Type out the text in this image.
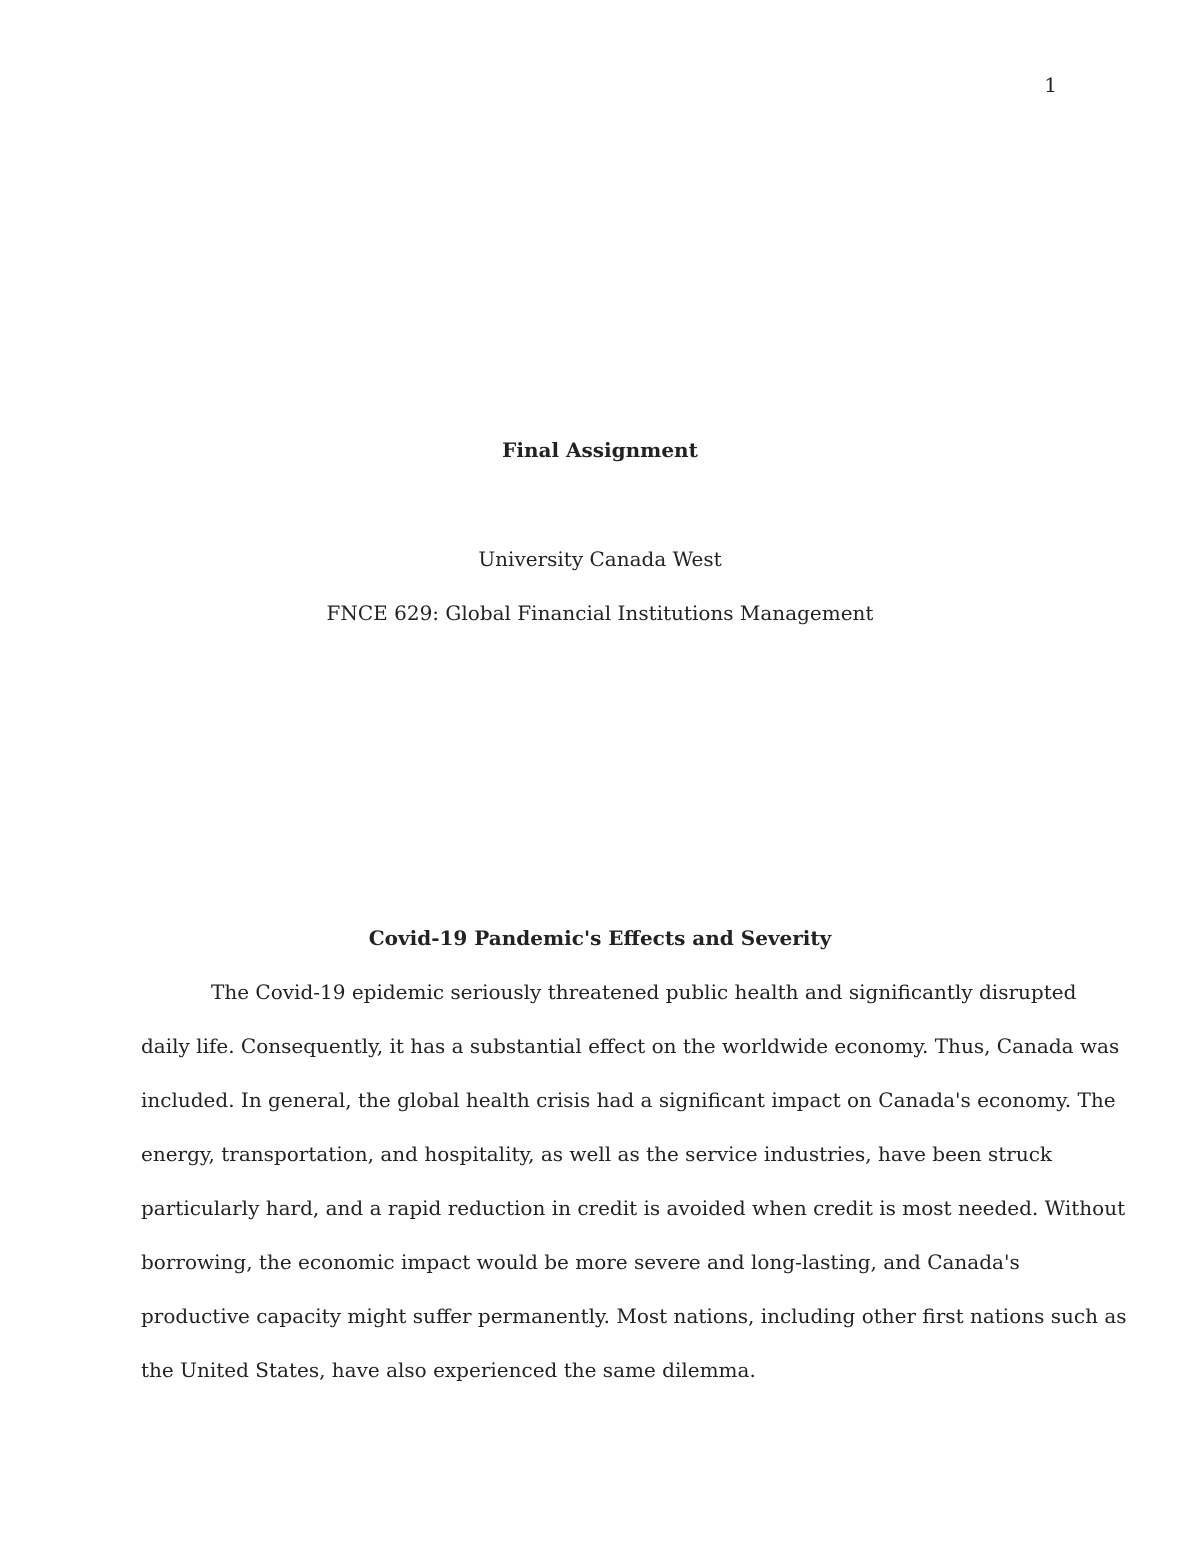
1
Final Assignment
University Canada West
FNCE 629: Global Financial Institutions Management
Covid-19 Pandemic's Effects and Severity
The Covid-19 epidemic seriously threatened public health and significantly disrupted
daily life. Consequently, it has a substantial effect on the worldwide economy. Thus, Canada was
included. In general, the global health crisis had a significant impact on Canada's economy. The
energy, transportation, and hospitality, as well as the service industries, have been struck
particularly hard, and a rapid reduction in credit is avoided when credit is most needed. Without
borrowing, the economic impact would be more severe and long-lasting, and Canada's
productive capacity might suffer permanently. Most nations, including other first nations such as
the United States, have also experienced the same dilemma.
